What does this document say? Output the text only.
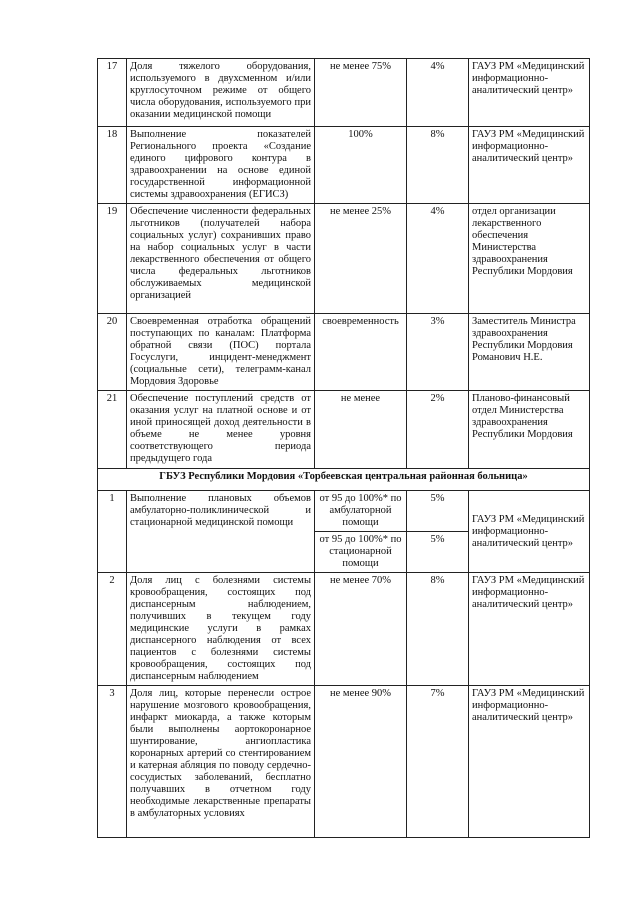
17	Доля тяжелого оборудования, используемого в двухсменном и/или круглосуточном режиме от общего числа оборудования, используемого при оказании медицинской помощи	не менее 75%	4%	ГАУЗ РМ «Медицинский информационно-аналитический центр»
18	Выполнение показателей Регионального проекта «Создание единого цифрового контура в здравоохранении на основе единой государственной информационной системы здравоохранения (ЕГИСЗ)	100%	8%	ГАУЗ РМ «Медицинский информационно-аналитический центр»
19	Обеспечение численности федеральных льготников (получателей набора социальных услуг) сохранивших право на набор социальных услуг в части лекарственного обеспечения от общего числа федеральных льготников обслуживаемых медицинской организацией	не менее 25%	4%	отдел организации лекарственного обеспечения Министерства здравоохранения Республики Мордовия
20	Своевременная отработка обращений поступающих по каналам: Платформа обратной связи (ПОС) портала Госуслуги, инцидент-менеджмент (социальные сети), телеграмм-канал Мордовия Здоровье	своевременность	3%	Заместитель Министра здравоохранения Республики Мордовия Романович Н.Е.
21	Обеспечение поступлений средств от оказания услуг на платной основе и от иной приносящей доход деятельности в объеме не менее уровня соответствующего периода предыдущего года	не менее	2%	Планово-финансовый отдел Министерства здравоохранения Республики Мордовия
ГБУЗ Республики Мордовия «Торбеевская центральная районная больница»				
1	Выполнение плановых объемов амбулаторно-поликлинической и стационарной медицинской помощи	от 95 до 100%* по амбулаторной помощи	5%	ГАУЗ РМ «Медицинский информационно-аналитический центр»
		от 95 до 100%* по стационарной помощи	5%	
2	Доля лиц с болезнями системы кровообращения, состоящих под диспансерным наблюдением, получивших в текущем году медицинские услуги в рамках диспансерного наблюдения от всех пациентов с болезнями системы кровообращения, состоящих под диспансерным наблюдением	не менее 70%	8%	ГАУЗ РМ «Медицинский информационно-аналитический центр»
3	Доля лиц, которые перенесли острое нарушение мозгового кровообращения, инфаркт миокарда, а также которым были выполнены аортокоронарное шунтирование, ангиопластика коронарных артерий со стентированием и катерная абляция по поводу сердечно-сосудистых заболеваний, бесплатно получавших в отчетном году необходимые лекарственные препараты в амбулаторных условиях	не менее 90%	7%	ГАУЗ РМ «Медицинский информационно-аналитический центр»
